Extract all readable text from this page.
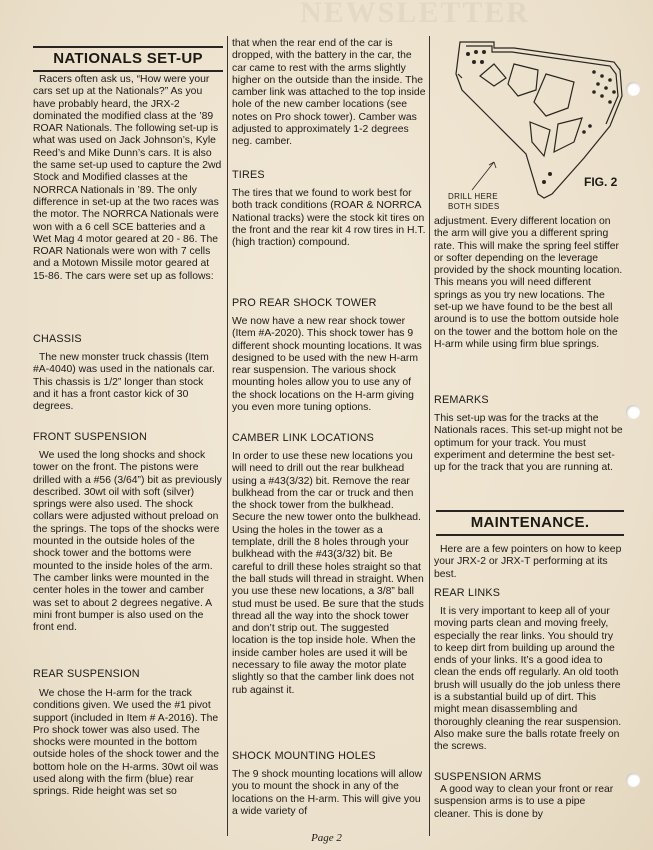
NEWSLETTER
NATIONALS SET-UP

Racers often ask us, “How were your cars set up at the Nationals?” As you have probably heard, the JRX-2 dominated the modified class at the ’89 ROAR Nationals. The following set-up is what was used on Jack Johnson’s, Kyle Reed’s and Mike Dunn’s cars. It is also the same set-up used to capture the 2wd Stock and Modified classes at the NORRCA Nationals in ’89. The only difference in set-up at the two races was the motor. The NORRCA Nationals were won with a 6 cell SCE batteries and a Wet Mag 4 motor geared at 20 - 86. The ROAR Nationals were won with 7 cells and a Motown Missile motor geared at 15-86. The cars were set up as follows:

CHASSIS

The new monster truck chassis (Item #A-4040) was used in the nationals car. This chassis is 1/2” longer than stock and it has a front castor kick of 30 degrees.

FRONT SUSPENSION

We used the long shocks and shock tower on the front. The pistons were drilled with a #56 (3/64”) bit as previously described. 30wt oil with soft (silver) springs were also used. The shock collars were adjusted without preload on the springs. The tops of the shocks were mounted in the outside holes of the shock tower and the bottoms were mounted to the inside holes of the arm. The camber links were mounted in the center holes in the tower and camber was set to about 2 degrees negative. A mini front bumper is also used on the front end.

REAR SUSPENSION

We chose the H-arm for the track conditions given. We used the #1 pivot support (included in Item # A-2016). The Pro shock tower was also used. The shocks were mounted in the bottom outside holes of the shock tower and the bottom hole on the H-arms. 30wt oil was used along with the firm (blue) rear springs. Ride height was set so

that when the rear end of the car is dropped, with the battery in the car, the car came to rest with the arms slightly higher on the outside than the inside. The camber link was attached to the top inside hole of the new camber locations (see notes on Pro shock tower). Camber was adjusted to approximately 1-2 degrees neg. camber.

TIRES

The tires that we found to work best for both track conditions (ROAR & NORRCA National tracks) were the stock kit tires on the front and the rear kit 4 row tires in H.T. (high traction) compound.

PRO REAR SHOCK TOWER

We now have a new rear shock tower (Item #A-2020). This shock tower has 9 different shock mounting locations. It was designed to be used with the new H-arm rear suspension. The various shock mounting holes allow you to use any of the shock locations on the H-arm giving you even more tuning options.

CAMBER LINK LOCATIONS

In order to use these new locations you will need to drill out the rear bulkhead using a #43(3/32) bit. Remove the rear bulkhead from the car or truck and then the shock tower from the bulkhead. Secure the new tower onto the bulkhead. Using the holes in the tower as a template, drill the 8 holes through your bulkhead with the #43(3/32) bit. Be careful to drill these holes straight so that the ball studs will thread in straight. When you use these new locations, a 3/8” ball stud must be used. Be sure that the studs thread all the way into the shock tower and don’t strip out. The suggested location is the top inside hole. When the inside camber holes are used it will be necessary to file away the motor plate slightly so that the camber link does not rub against it.

SHOCK MOUNTING HOLES

The 9 shock mounting locations will allow you to mount the shock in any of the locations on the H-arm. This will give you a wide variety of

DRILL HERE
BOTH SIDES
FIG. 2

adjustment. Every different location on the arm will give you a different spring rate. This will make the spring feel stiffer or softer depending on the leverage provided by the shock mounting location. This means you will need different springs as you try new locations. The set-up we have found to be the best all around is to use the bottom outside hole on the tower and the bottom hole on the H-arm while using firm blue springs.

REMARKS

This set-up was for the tracks at the Nationals races. This set-up might not be optimum for your track. You must experiment and determine the best set-up for the track that you are running at.

Here are a few pointers on how to keep your JRX-2 or JRX-T performing at its best.

REAR LINKS

It is very important to keep all of your moving parts clean and moving freely, especially the rear links. You should try to keep dirt from building up around the ends of your links. It’s a good idea to clean the ends off regularly. An old tooth brush will usually do the job unless there is a substantial build up of dirt. This might mean disassembling and thoroughly cleaning the rear suspension. Also make sure the balls rotate freely on the screws.

SUSPENSION ARMS

A good way to clean your front or rear suspension arms is to use a pipe cleaner. This is done by

MAINTENANCE.
Page 2
